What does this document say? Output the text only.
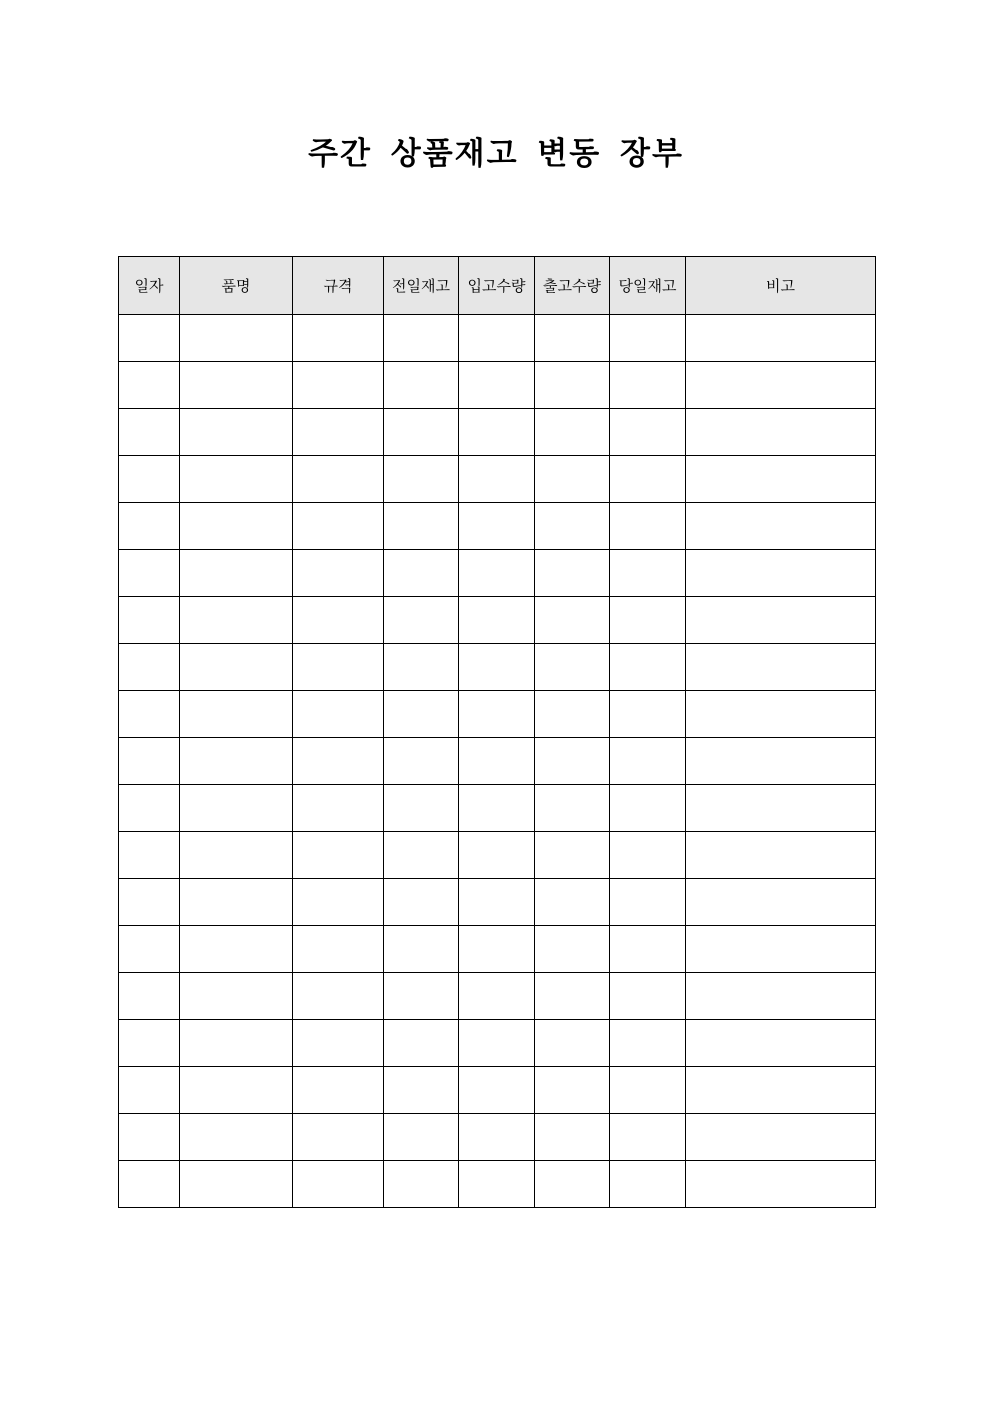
주간 상품재고 변동 장부
일자	품명	규격	전일재고	입고수량	출고수량	당일재고	비고
